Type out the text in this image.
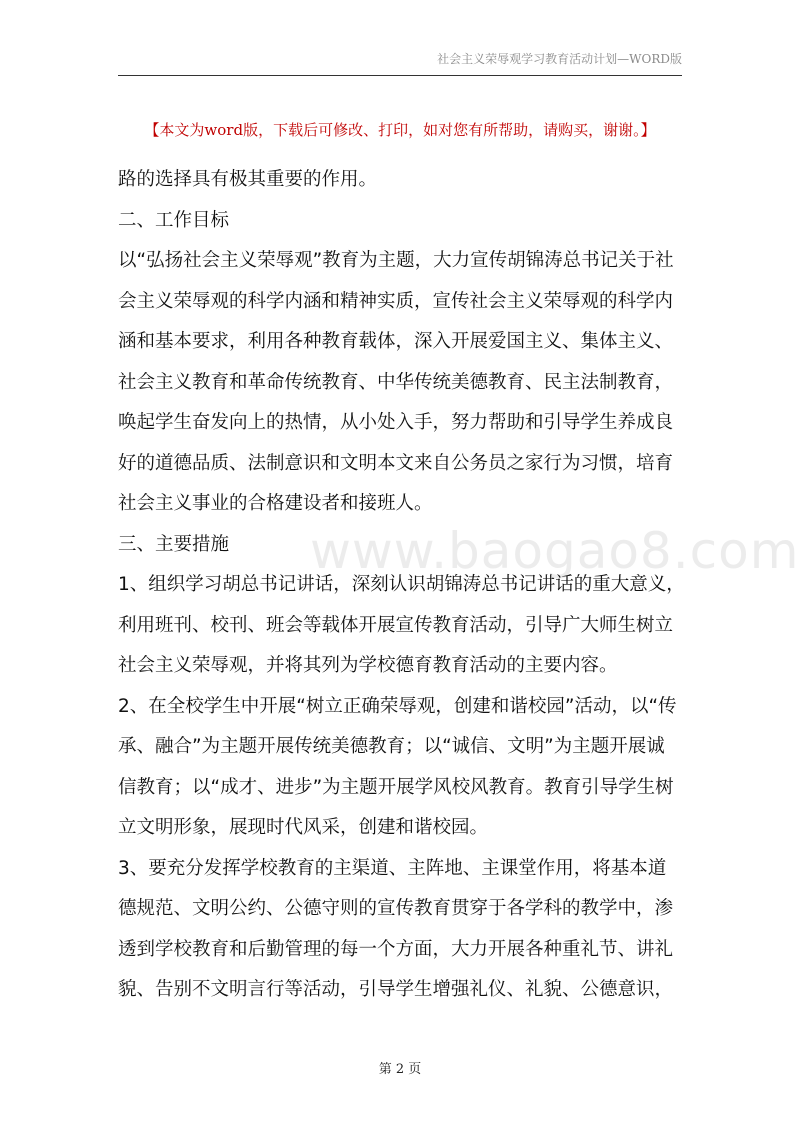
社会主义荣辱观学习教育活动计划—WORD版
【本文为word版，下载后可修改、打印，如对您有所帮助，请购买，谢谢。】
www.baogao8.com

路的选择具有极其重要的作用。

二、工作目标

以“弘扬社会主义荣辱观”教育为主题，大力宣传胡锦涛总书记关于社

会主义荣辱观的科学内涵和精神实质，宣传社会主义荣辱观的科学内

涵和基本要求，利用各种教育载体，深入开展爱国主义、集体主义、

社会主义教育和革命传统教育、中华传统美德教育、民主法制教育，

唤起学生奋发向上的热情，从小处入手，努力帮助和引导学生养成良

好的道德品质、法制意识和文明本文来自公务员之家行为习惯，培育

社会主义事业的合格建设者和接班人。

三、主要措施

1、组织学习胡总书记讲话，深刻认识胡锦涛总书记讲话的重大意义，

利用班刊、校刊、班会等载体开展宣传教育活动，引导广大师生树立

社会主义荣辱观，并将其列为学校德育教育活动的主要内容。

2、在全校学生中开展“树立正确荣辱观，创建和谐校园”活动，以“传

承、融合”为主题开展传统美德教育；以“诚信、文明”为主题开展诚

信教育；以“成才、进步”为主题开展学风校风教育。教育引导学生树

立文明形象，展现时代风采，创建和谐校园。

3、要充分发挥学校教育的主渠道、主阵地、主课堂作用，将基本道

德规范、文明公约、公德守则的宣传教育贯穿于各学科的教学中，渗

透到学校教育和后勤管理的每一个方面，大力开展各种重礼节、讲礼

貌、告别不文明言行等活动，引导学生增强礼仪、礼貌、公德意识，

第 2 页
